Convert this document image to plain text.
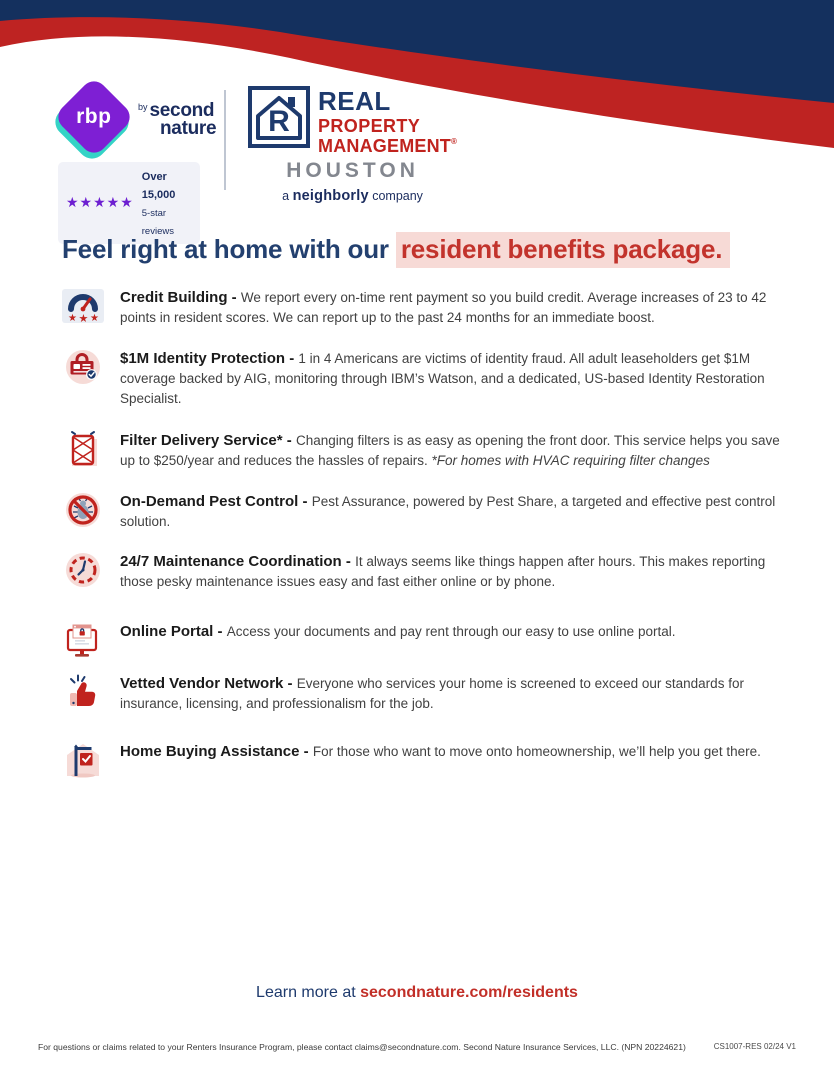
rbp	$^{by}$ second
nature
★★★★★
Over 15,000
5-star reviews
R
REAL
PROPERTY
MANAGEMENT®
HOUSTON
a neighborly company
Feel right at home with our resident benefits package.
★ ★ ★

Credit Building - We report every on-time rent payment so you build credit. Average increases of 23 to 42 points in resident scores. We can report up to the past 24 months for an immediate boost.

$1M Identity Protection - 1 in 4 Americans are victims of identity fraud. All adult leaseholders get $1M coverage backed by AIG, monitoring through IBM’s Watson, and a dedicated, US-based Identity Restoration Specialist.

Filter Delivery Service* - Changing filters is as easy as opening the front door. This service helps you save up to $250/year and reduces the hassles of repairs. *For homes with HVAC requiring filter changes

On-Demand Pest Control - Pest Assurance, powered by Pest Share, a targeted and effective pest control solution.

24/7 Maintenance Coordination - It always seems like things happen after hours. This makes reporting those pesky maintenance issues easy and fast either online or by phone.

Online Portal - Access your documents and pay rent through our easy to use online portal.

Vetted Vendor Network - Everyone who services your home is screened to exceed our standards for insurance, licensing, and professionalism for the job.

Home Buying Assistance - For those who want to move onto homeownership, we’ll help you get there.

Learn more at secondnature.com/residents
For questions or claims related to your Renters Insurance Program, please contact claims@secondnature.com. Second Nature Insurance Services, LLC. (NPN 20224621)	CS1007-RES 02/24 V1
